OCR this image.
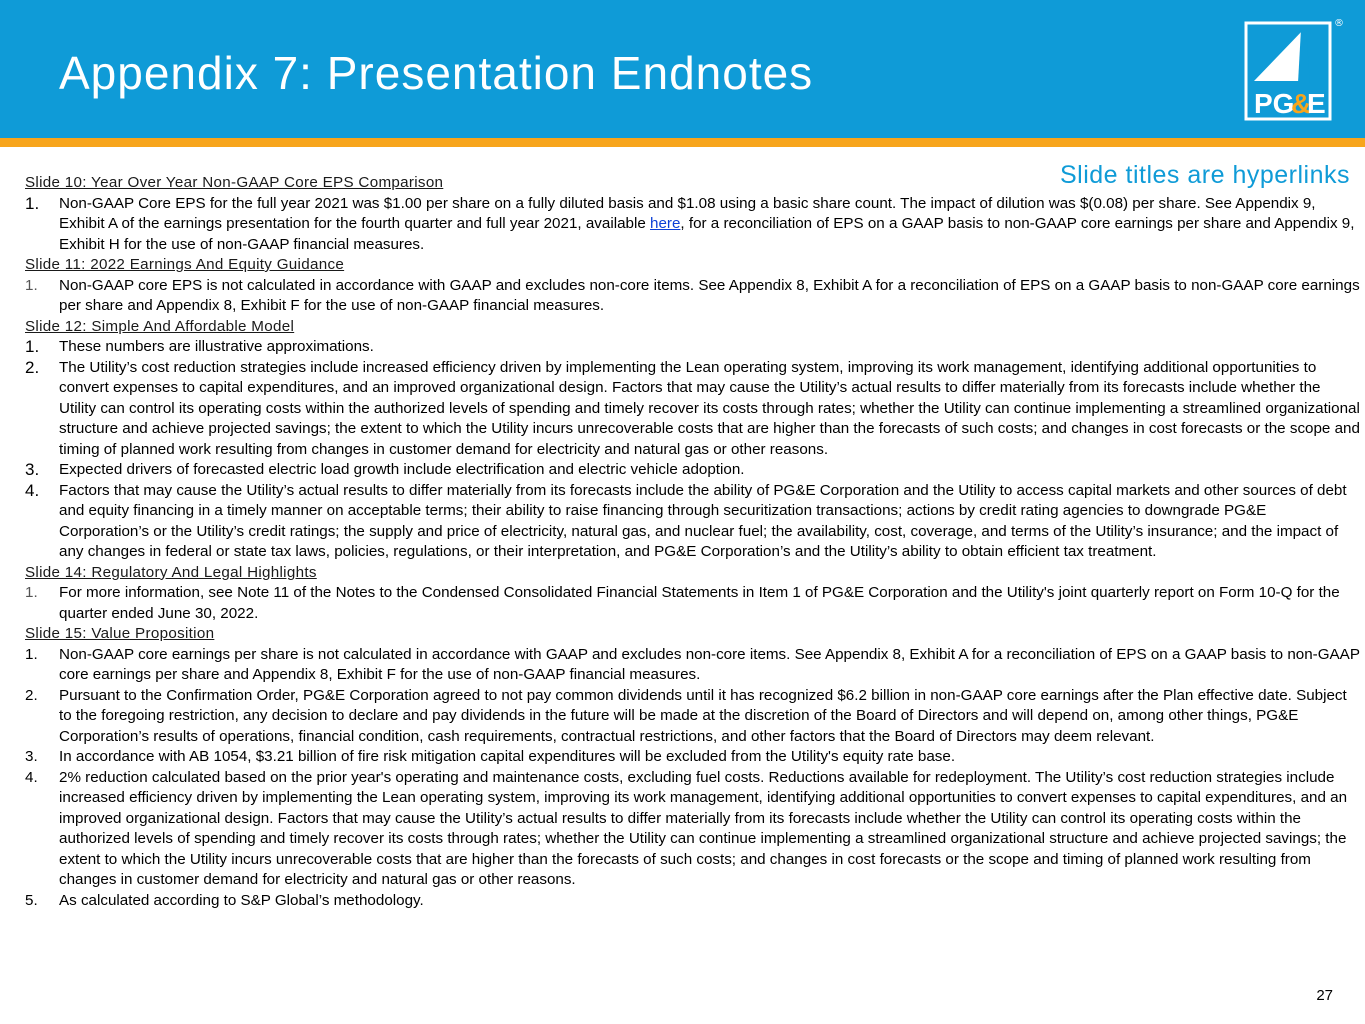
Appendix 7: Presentation Endnotes
PG
&
E
®
Slide titles are hyperlinks
Slide 10: Year Over Year Non-GAAP Core EPS Comparison
1. Non-GAAP Core EPS for the full year 2021 was $1.00 per share on a fully diluted basis and $1.08 using a basic share count. The impact of dilution was $(0.08) per share. See Appendix 9, Exhibit A of the earnings presentation for the fourth quarter and full year 2021, available here, for a reconciliation of EPS on a GAAP basis to non-GAAP core earnings per share and Appendix 9, Exhibit H for the use of non-GAAP financial measures.
Slide 11: 2022 Earnings And Equity Guidance
1. Non-GAAP core EPS is not calculated in accordance with GAAP and excludes non-core items. See Appendix 8, Exhibit A for a reconciliation of EPS on a GAAP basis to non-GAAP core earnings per share and Appendix 8, Exhibit F for the use of non-GAAP financial measures.
Slide 12: Simple And Affordable Model
1. These numbers are illustrative approximations.
2. The Utility’s cost reduction strategies include increased efficiency driven by implementing the Lean operating system, improving its work management, identifying additional opportunities to convert expenses to capital expenditures, and an improved organizational design. Factors that may cause the Utility’s actual results to differ materially from its forecasts include whether the Utility can control its operating costs within the authorized levels of spending and timely recover its costs through rates; whether the Utility can continue implementing a streamlined organizational structure and achieve projected savings; the extent to which the Utility incurs unrecoverable costs that are higher than the forecasts of such costs; and changes in cost forecasts or the scope and timing of planned work resulting from changes in customer demand for electricity and natural gas or other reasons.
3. Expected drivers of forecasted electric load growth include electrification and electric vehicle adoption.
4. Factors that may cause the Utility’s actual results to differ materially from its forecasts include the ability of PG&E Corporation and the Utility to access capital markets and other sources of debt and equity financing in a timely manner on acceptable terms; their ability to raise financing through securitization transactions; actions by credit rating agencies to downgrade PG&E Corporation’s or the Utility’s credit ratings; the supply and price of electricity, natural gas, and nuclear fuel; the availability, cost, coverage, and terms of the Utility’s insurance; and the impact of any changes in federal or state tax laws, policies, regulations, or their interpretation, and PG&E Corporation’s and the Utility’s ability to obtain efficient tax treatment.
Slide 14: Regulatory And Legal Highlights
1. For more information, see Note 11 of the Notes to the Condensed Consolidated Financial Statements in Item 1 of PG&E Corporation and the Utility's joint quarterly report on Form 10-Q for the quarter ended June 30, 2022.
Slide 15: Value Proposition
1. Non-GAAP core earnings per share is not calculated in accordance with GAAP and excludes non-core items. See Appendix 8, Exhibit A for a reconciliation of EPS on a GAAP basis to non-GAAP core earnings per share and Appendix 8, Exhibit F for the use of non-GAAP financial measures.
2. Pursuant to the Confirmation Order, PG&E Corporation agreed to not pay common dividends until it has recognized $6.2 billion in non-GAAP core earnings after the Plan effective date. Subject to the foregoing restriction, any decision to declare and pay dividends in the future will be made at the discretion of the Board of Directors and will depend on, among other things, PG&E Corporation’s results of operations, financial condition, cash requirements, contractual restrictions, and other factors that the Board of Directors may deem relevant.
3. In accordance with AB 1054, $3.21 billion of fire risk mitigation capital expenditures will be excluded from the Utility's equity rate base.
4. 2% reduction calculated based on the prior year's operating and maintenance costs, excluding fuel costs. Reductions available for redeployment. The Utility’s cost reduction strategies include increased efficiency driven by implementing the Lean operating system, improving its work management, identifying additional opportunities to convert expenses to capital expenditures, and an improved organizational design. Factors that may cause the Utility’s actual results to differ materially from its forecasts include whether the Utility can control its operating costs within the authorized levels of spending and timely recover its costs through rates; whether the Utility can continue implementing a streamlined organizational structure and achieve projected savings; the extent to which the Utility incurs unrecoverable costs that are higher than the forecasts of such costs; and changes in cost forecasts or the scope and timing of planned work resulting from changes in customer demand for electricity and natural gas or other reasons.
5. As calculated according to S&P Global’s methodology.
27
